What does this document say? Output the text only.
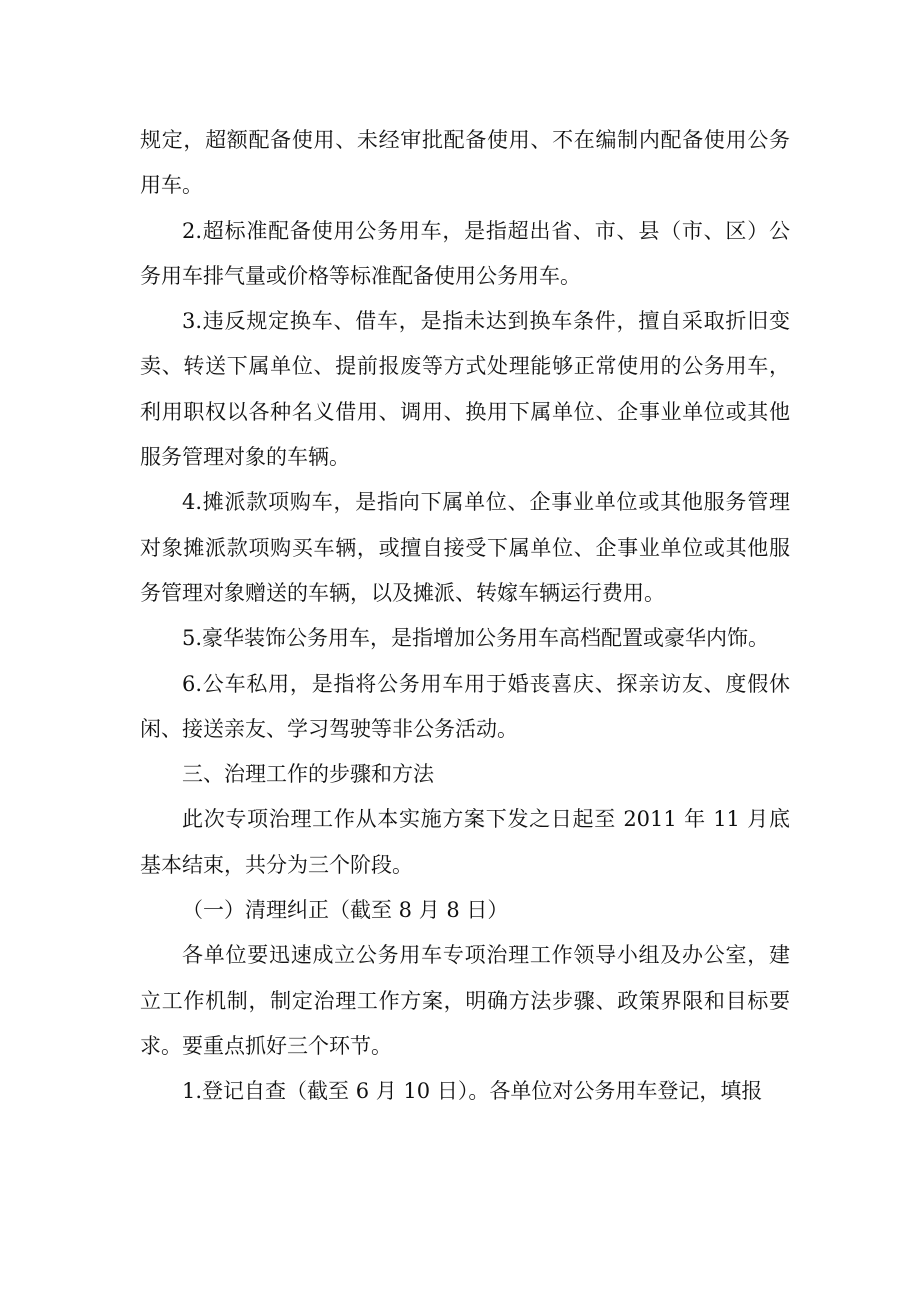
规定，超额配备使用、未经审批配备使用、不在编制内配备使用公务用车。

2.超标准配备使用公务用车，是指超出省、市、县（市、区）公务用车排气量或价格等标准配备使用公务用车。

3.违反规定换车、借车，是指未达到换车条件，擅自采取折旧变卖、转送下属单位、提前报废等方式处理能够正常使用的公务用车，利用职权以各种名义借用、调用、换用下属单位、企事业单位或其他服务管理对象的车辆。

4.摊派款项购车，是指向下属单位、企事业单位或其他服务管理对象摊派款项购买车辆，或擅自接受下属单位、企事业单位或其他服务管理对象赠送的车辆，以及摊派、转嫁车辆运行费用。

5.豪华装饰公务用车，是指增加公务用车高档配置或豪华内饰。

6.公车私用，是指将公务用车用于婚丧喜庆、探亲访友、度假休闲、接送亲友、学习驾驶等非公务活动。

三、治理工作的步骤和方法

此次专项治理工作从本实施方案下发之日起至 2011 年 11 月底基本结束，共分为三个阶段。

（一）清理纠正（截至 8 月 8 日）

各单位要迅速成立公务用车专项治理工作领导小组及办公室，建立工作机制，制定治理工作方案，明确方法步骤、政策界限和目标要求。要重点抓好三个环节。

1.登记自查（截至 6 月 10 日）。各单位对公务用车登记，填报
